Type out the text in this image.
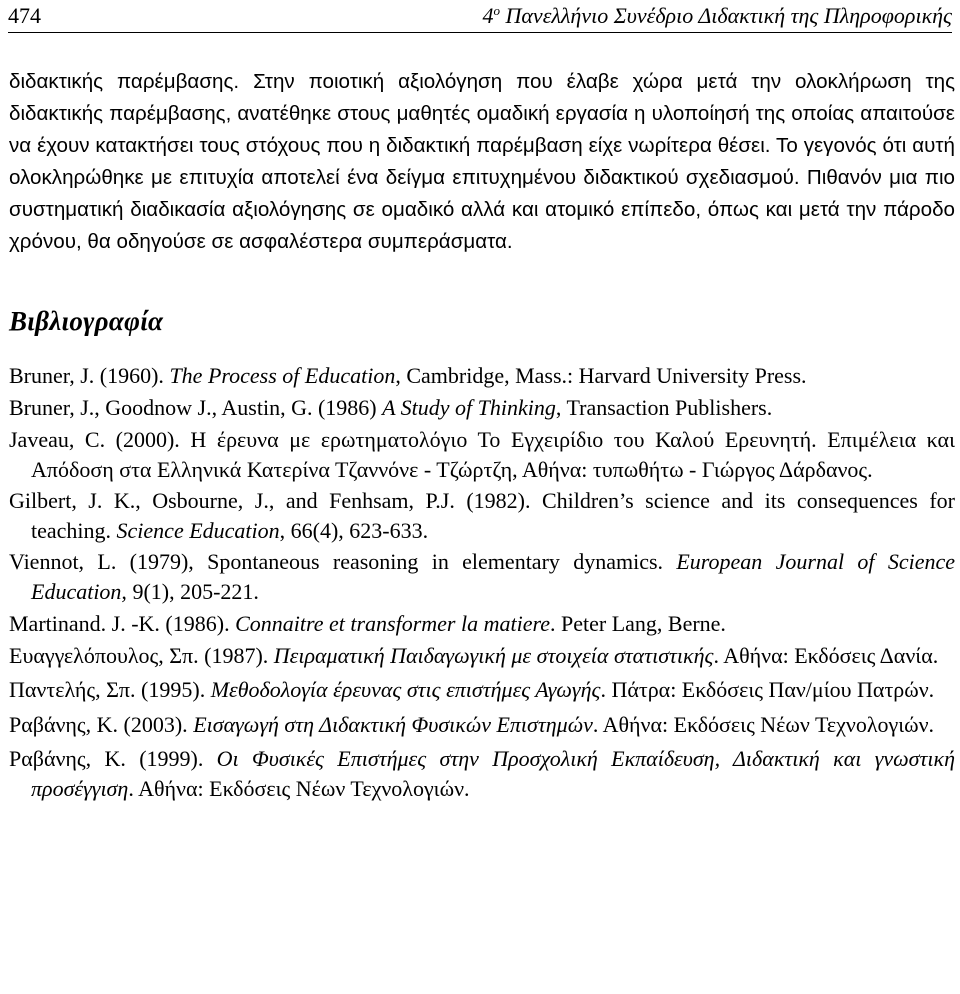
474	$4^o$ Πανελλήνιο Συνέδριο Διδακτική της Πληροφορικής

διδακτικής παρέμβασης. Στην ποιοτική αξιολόγηση που έλαβε χώρα μετά την ολοκλήρωση της διδακτικής παρέμβασης, ανατέθηκε στους μαθητές ομαδική εργασία η υλοποίησή της οποίας απαιτούσε να έχουν κατακτήσει τους στόχους που η διδακτική παρέμβαση είχε νωρίτερα θέσει. Το γεγονός ότι αυτή ολοκληρώθηκε με επιτυχία αποτελεί ένα δείγμα επιτυχημένου διδακτικού σχεδιασμού. Πιθανόν μια πιο συστηματική διαδικασία αξιολόγησης σε ομαδικό αλλά και ατομικό επίπεδο, όπως και μετά την πάροδο χρόνου, θα οδηγούσε σε ασφαλέστερα συμπεράσματα.

Βιβλιογραφία
Bruner, J. (1960). The Process of Education, Cambridge, Mass.: Harvard University Press.
Bruner, J., Goodnow J., Austin, G. (1986) A Study of Thinking, Transaction Publishers.
Javeau, C. (2000). Η έρευνα με ερωτηματολόγιο Το Εγχειρίδιο του Καλού Ερευνητή. Επιμέλεια και Απόδοση στα Ελληνικά Κατερίνα Τζαννόνε - Τζώρτζη, Αθήνα: τυπωθήτω - Γιώργος Δάρδανος.
Gilbert, J. K., Osbourne, J., and Fenhsam, P.J. (1982). Children’s science and its consequences for teaching. Science Education, 66(4), 623-633.
Viennot, L. (1979), Spontaneous reasoning in elementary dynamics. European Journal of Science Education, 9(1), 205-221.
Martinand. J. -K. (1986). Connaitre et transformer la matiere. Peter Lang, Berne.
Ευαγγελόπουλος, Σπ. (1987). Πειραματική Παιδαγωγική με στοιχεία στατιστικής. Αθήνα: Εκδόσεις Δανία.
Παντελής, Σπ. (1995). Μεθοδολογία έρευνας στις επιστήμες Αγωγής. Πάτρα: Εκδόσεις Παν/μίου Πατρών.
Ραβάνης, Κ. (2003). Εισαγωγή στη Διδακτική Φυσικών Επιστημών. Αθήνα: Εκδόσεις Νέων Τεχνολογιών.
Ραβάνης, Κ. (1999). Οι Φυσικές Επιστήμες στην Προσχολική Εκπαίδευση, Διδακτική και γνωστική προσέγγιση. Αθήνα: Εκδόσεις Νέων Τεχνολογιών.
